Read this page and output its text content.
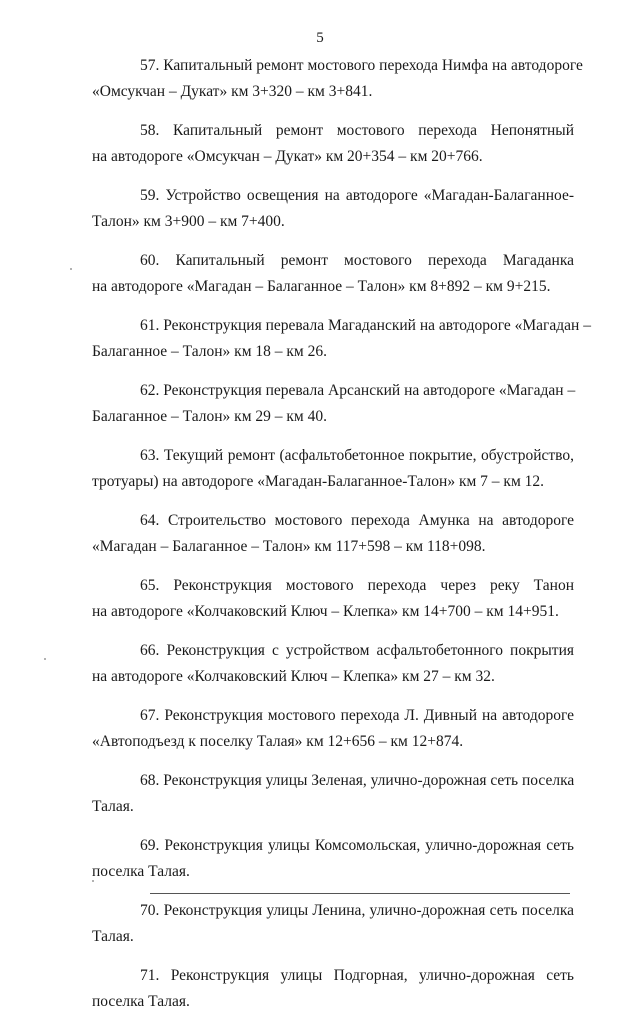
5

57. Капитальный ремонт мостового перехода Нимфа на автодороге
«Омсукчан – Дукат» км 3+320 – км 3+841.

58. Капитальный ремонт мостового перехода Непонятный
на автодороге «Омсукчан – Дукат» км 20+354 – км 20+766.

59. Устройство освещения на автодороге «Магадан-Балаганное-
Талон» км 3+900 – км 7+400.

60. Капитальный ремонт мостового перехода Магаданка
на автодороге «Магадан – Балаганное – Талон» км 8+892 – км 9+215.

61. Реконструкция перевала Магаданский на автодороге «Магадан –
Балаганное – Талон» км 18 – км 26.

62. Реконструкция перевала Арсанский на автодороге «Магадан –
Балаганное – Талон» км 29 – км 40.

63. Текущий ремонт (асфальтобетонное покрытие, обустройство,
тротуары) на автодороге «Магадан-Балаганное-Талон» км 7 – км 12.

64. Строительство мостового перехода Амунка на автодороге
«Магадан – Балаганное – Талон» км 117+598 – км 118+098.

65. Реконструкция мостового перехода через реку Танон
на автодороге «Колчаковский Ключ – Клепка» км 14+700 – км 14+951.

66. Реконструкция с устройством асфальтобетонного покрытия
на автодороге «Колчаковский Ключ – Клепка» км 27 – км 32.

67. Реконструкция мостового перехода Л. Дивный на автодороге
«Автоподъезд к поселку Талая» км 12+656 – км 12+874.

68. Реконструкция улицы Зеленая, улично-дорожная сеть поселка
Талая.

69. Реконструкция улицы Комсомольская, улично-дорожная сеть
поселка Талая.

70. Реконструкция улицы Ленина, улично-дорожная сеть поселка
Талая.

71. Реконструкция улицы Подгорная, улично-дорожная сеть
поселка Талая.
